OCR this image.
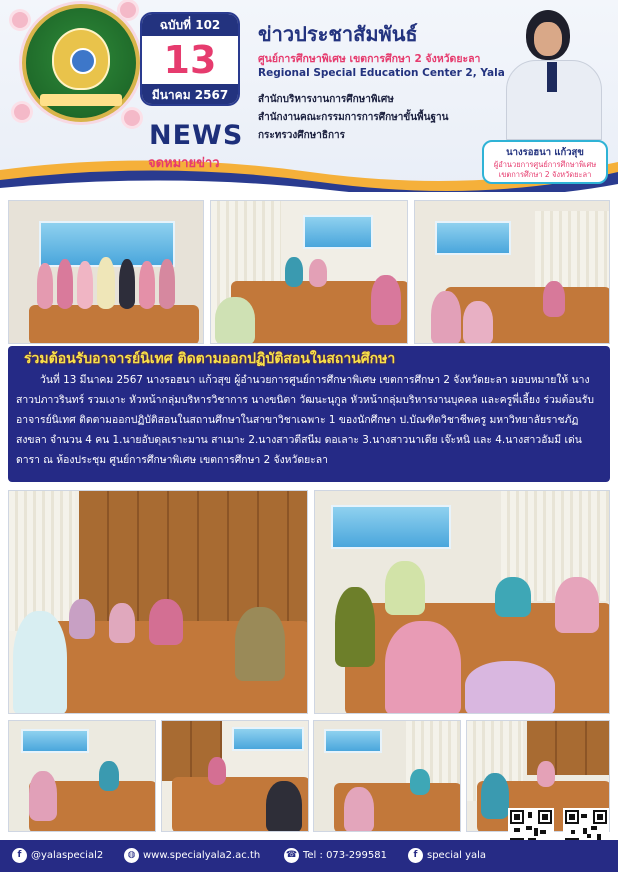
ฉบับที่ 102
13
มีนาคม 2567
NEWS
จดหมายข่าว
ข่าวประชาสัมพันธ์
ศูนย์การศึกษาพิเศษ เขตการศึกษา 2 จังหวัดยะลา
Regional Special Education Center 2, Yala
สำนักบริหารงานการศึกษาพิเศษ
สำนักงานคณะกรรมการการศึกษาขั้นพื้นฐาน
กระทรวงศึกษาธิการ
นางรอฮนา แก้วสุข
ผู้อำนวยการศูนย์การศึกษาพิเศษ
เขตการศึกษา 2 จังหวัดยะลา
ร่วมต้อนรับอาจารย์นิเทศ ติดตามออกปฏิบัติสอนในสถานศึกษา

วันที่ 13 มีนาคม 2567 นางรอฮนา แก้วสุข ผู้อำนวยการศูนย์การศึกษาพิเศษ เขตการศึกษา 2 จังหวัดยะลา มอบหมายให้ นางสาวปภาวรินทร์ รวมเงาะ หัวหน้ากลุ่มบริหารวิชาการ นางขนิตา วัฒนะนุกูล หัวหน้ากลุ่มบริหารงานบุคคล และครูพี่เลี้ยง ร่วมต้อนรับอาจารย์นิเทศ ติดตามออกปฏิบัติสอนในสถานศึกษาในสาขาวิชาเฉพาะ 1 ของนักศึกษา ป.บัณฑิตวิชาชีพครู มหาวิทยาลัยราชภัฏสงขลา จำนวน 4 คน 1.นายอับดุลเราะมาน สาเมาะ 2.นางสาวตีสนีม ดอเลาะ 3.นางสาวนาเดีย เจ๊ะหนิ และ 4.นางสาวอัมมี เด่นดารา ณ ห้องประชุม ศูนย์การศึกษาพิเศษ เขตการศึกษา 2 จังหวัดยะลา

f @yalaspecial2	◍ www.specialyala2.ac.th	☎ Tel : 073-299581	f special yala
